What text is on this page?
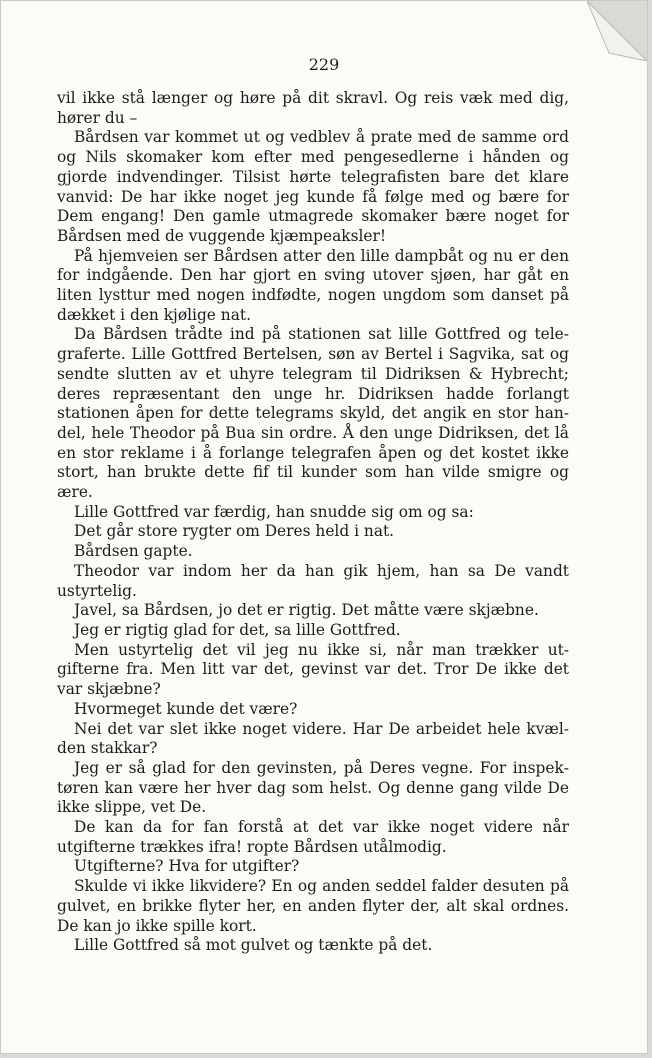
229

vil ikke stå længer og høre på dit skravl. Og reis væk med dig, hører du –

Bårdsen var kommet ut og vedblev å prate med de samme ord og Nils skomaker kom efter med pengesedlerne i hånden og gjorde indvendinger. Tilsist hørte telegrafisten bare det klare vanvid: De har ikke noget jeg kunde få følge med og bære for Dem engang! Den gamle utmagrede skomaker bære noget for Bårdsen med de vuggende kjæmpeaksler!

På hjemveien ser Bårdsen atter den lille dampbåt og nu er den for indgående. Den har gjort en sving utover sjøen, har gåt en liten lysttur med nogen indfødte, nogen ungdom som danset på dækket i den kjølige nat.

Da Bårdsen trådte ind på stationen sat lille Gottfred og telegraferte. Lille Gottfred Bertelsen, søn av Bertel i Sagvika, sat og sendte slutten av et uhyre telegram til Didriksen & Hybrecht; deres repræsentant den unge hr. Didriksen hadde forlangt stationen åpen for dette telegrams skyld, det angik en stor handel, hele Theodor på Bua sin ordre. Å den unge Didriksen, det lå en stor reklame i å forlange telegrafen åpen og det kostet ikke stort, han brukte dette fif til kunder som han vilde smigre og ære.

Lille Gottfred var færdig, han snudde sig om og sa:

Det går store rygter om Deres held i nat.

Bårdsen gapte.

Theodor var indom her da han gik hjem, han sa De vandt ustyrtelig.

Javel, sa Bårdsen, jo det er rigtig. Det måtte være skjæbne.

Jeg er rigtig glad for det, sa lille Gottfred.

Men ustyrtelig det vil jeg nu ikke si, når man trækker utgifterne fra. Men litt var det, gevinst var det. Tror De ikke det var skjæbne?

Hvormeget kunde det være?

Nei det var slet ikke noget videre. Har De arbeidet hele kvælden stakkar?

Jeg er så glad for den gevinsten, på Deres vegne. For inspektøren kan være her hver dag som helst. Og denne gang vilde De ikke slippe, vet De.

De kan da for fan forstå at det var ikke noget videre når utgifterne trækkes ifra! ropte Bårdsen utålmodig.

Utgifterne? Hva for utgifter?

Skulde vi ikke likvidere? En og anden seddel falder desuten på gulvet, en brikke flyter her, en anden flyter der, alt skal ordnes. De kan jo ikke spille kort.

Lille Gottfred så mot gulvet og tænkte på det.
